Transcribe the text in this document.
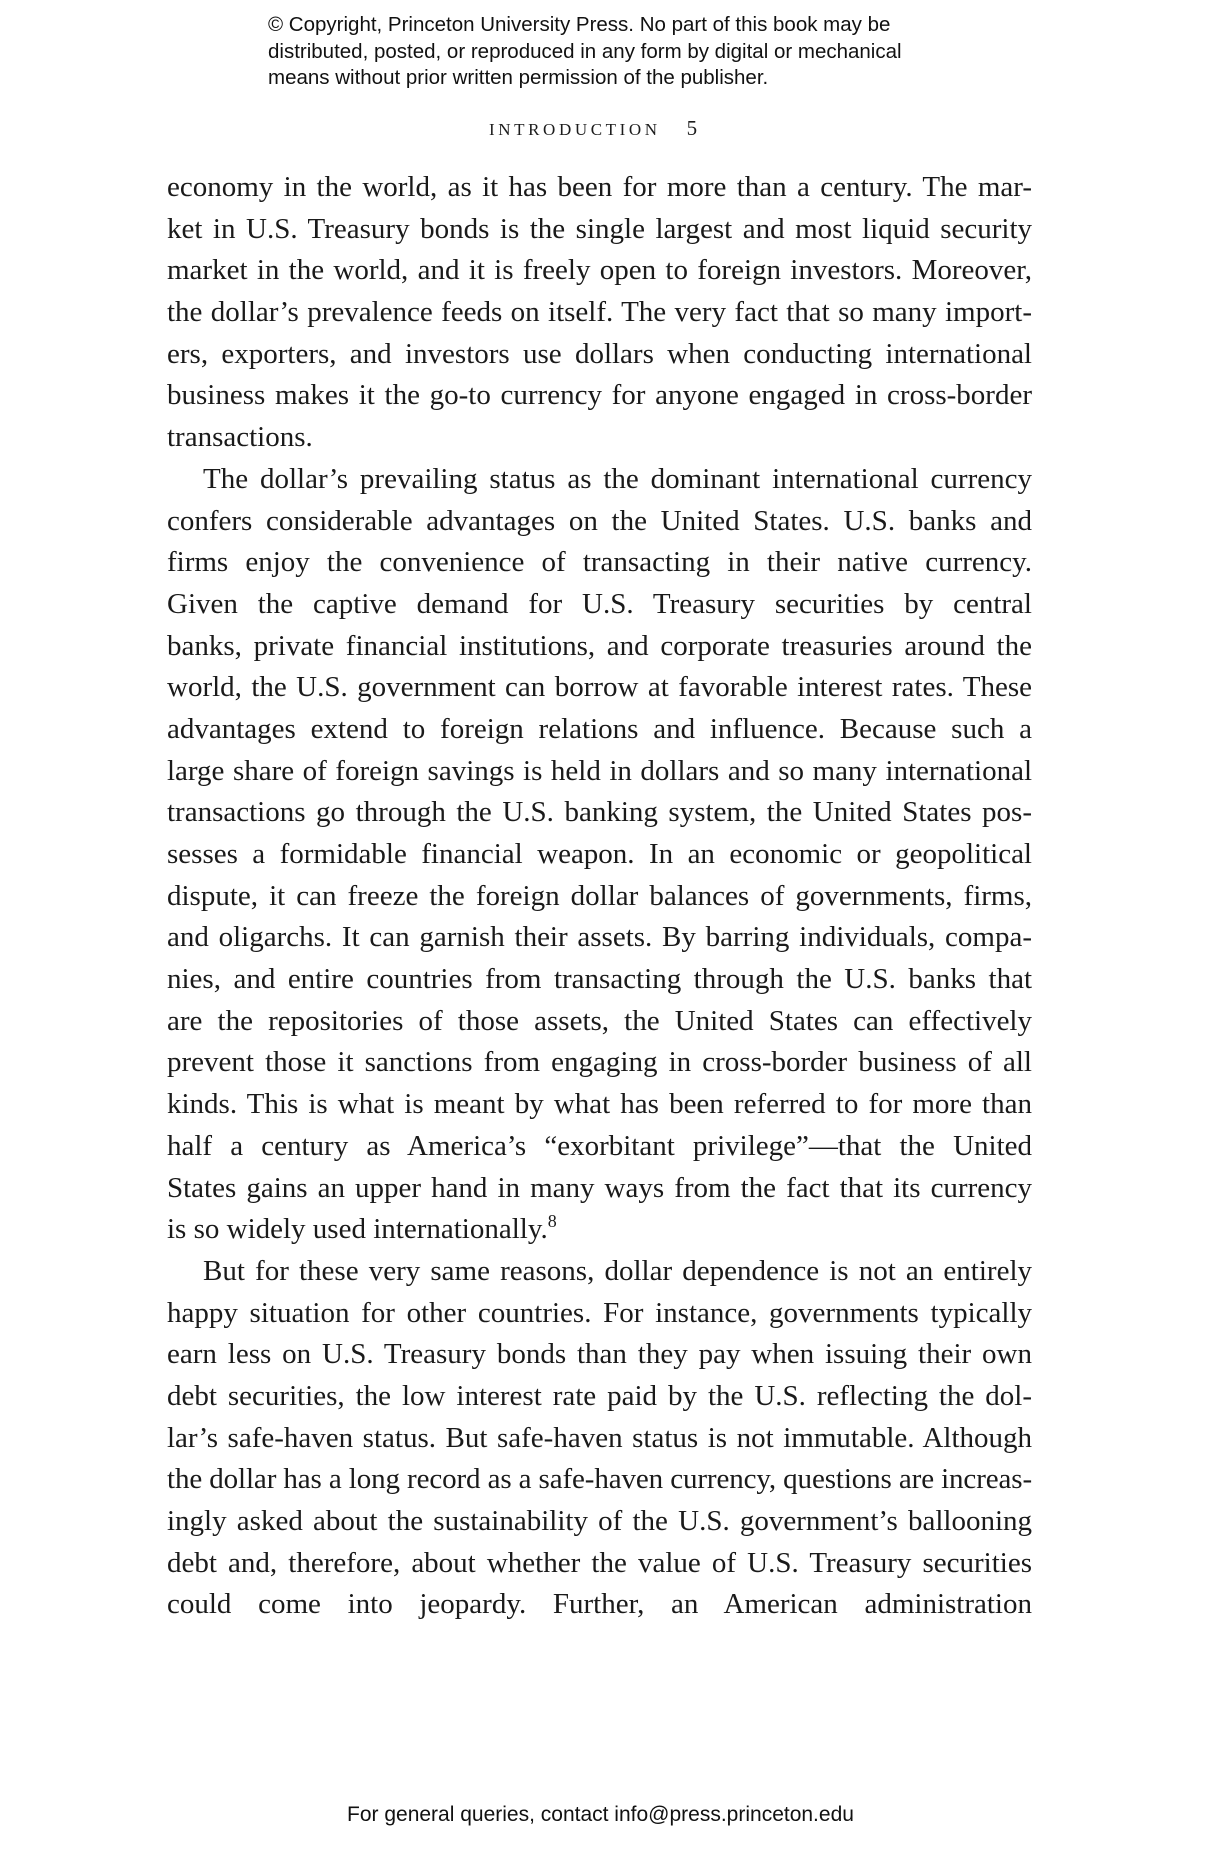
© Copyright, Princeton University Press. No part of this book may be
distributed, posted, or reproduced in any form by digital or mechanical
means without prior written permission of the publisher.
INTRODUCTION 5
economy in the world, as it has been for more than a century. The mar-
ket in U.S. Treasury bonds is the single largest and most liquid security
market in the world, and it is freely open to foreign investors. Moreover,
the dollar’s prevalence feeds on itself. The very fact that so many import-
ers, exporters, and investors use dollars when conducting international
business makes it the go-to currency for anyone engaged in cross-border
transactions.
The dollar’s prevailing status as the dominant international currency
confers considerable advantages on the United States. U.S. banks and
firms enjoy the convenience of transacting in their native currency.
Given the captive demand for U.S. Treasury securities by central
banks, private financial institutions, and corporate treasuries around the
world, the U.S. government can borrow at favorable interest rates. These
advantages extend to foreign relations and influence. Because such a
large share of foreign savings is held in dollars and so many international
transactions go through the U.S. banking system, the United States pos-
sesses a formidable financial weapon. In an economic or geopolitical
dispute, it can freeze the foreign dollar balances of governments, firms,
and oligarchs. It can garnish their assets. By barring individuals, compa-
nies, and entire countries from transacting through the U.S. banks that
are the repositories of those assets, the United States can effectively
prevent those it sanctions from engaging in cross-border business of all
kinds. This is what is meant by what has been referred to for more than
half a century as America’s “exorbitant privilege”—that the United
States gains an upper hand in many ways from the fact that its currency
is so widely used internationally.$^8$
But for these very same reasons, dollar dependence is not an entirely
happy situation for other countries. For instance, governments typically
earn less on U.S. Treasury bonds than they pay when issuing their own
debt securities, the low interest rate paid by the U.S. reflecting the dol-
lar’s safe-haven status. But safe-haven status is not immutable. Although
the dollar has a long record as a safe-haven currency, questions are increas-
ingly asked about the sustainability of the U.S. government’s ballooning
debt and, therefore, about whether the value of U.S. Treasury securities
could come into jeopardy. Further, an American administration
For general queries, contact info@press.princeton.edu
